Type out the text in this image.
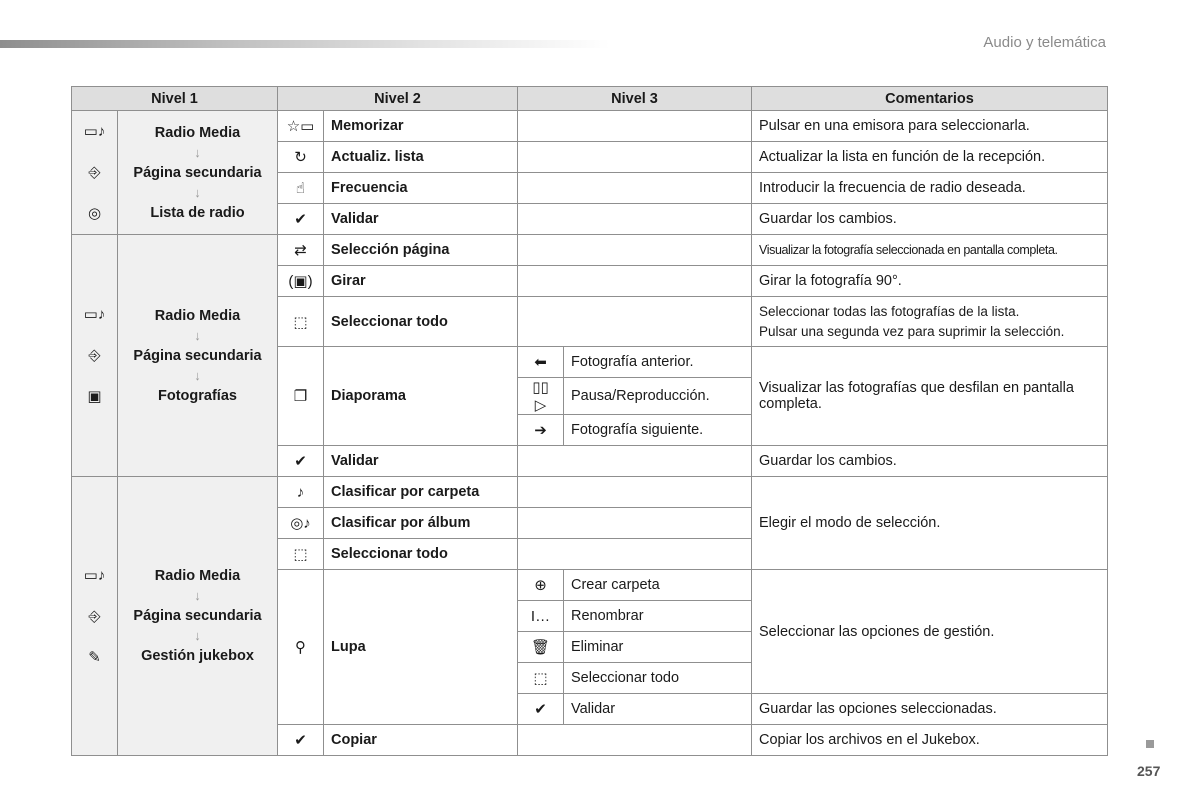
Audio y telemática
Nivel 1		Nivel 2		Nivel 3		Comentarios

▭♪
⎆
◎	Radio Media
↓
Página secundaria
↓
Lista de radio	☆▭	Memorizar			Pulsar en una emisora para seleccionarla.
		↻	Actualiz. lista			Actualizar la lista en función de la recepción.
		☝	Frecuencia			Introducir la frecuencia de radio deseada.
		✔	Validar			Guardar los cambios.

▭♪
⎆
▣	Radio Media
↓
Página secundaria
↓
Fotografías	⇄	Selección página			Visualizar la fotografía seleccionada en pantalla completa.
		(▣)	Girar			Girar la fotografía 90°.
		⬚	Seleccionar todo			Seleccionar todas las fotografías de la lista.
Pulsar una segunda vez para suprimir la selección.

		❐	Diaporama	⬅	Fotografía anterior.	Visualizar las fotografías que desfilan en pantalla completa.
				▯▯ ▷	Pausa/Reproducción.	
				➔	Fotografía siguiente.	
		✔	Validar			Guardar los cambios.

▭♪
⎆
✎	Radio Media
↓
Página secundaria
↓
Gestión jukebox	♪	Clasificar por carpeta			Elegir el modo de selección.
		◎♪	Clasificar por álbum			
		⬚	Seleccionar todo			
		⚲	Lupa	⊕	Crear carpeta	Seleccionar las opciones de gestión.
				I…	Renombrar	
				🗑	Eliminar	
				⬚	Seleccionar todo	
				✔	Validar	Guardar las opciones seleccionadas.
		✔	Copiar			Copiar los archivos en el Jukebox.
257
